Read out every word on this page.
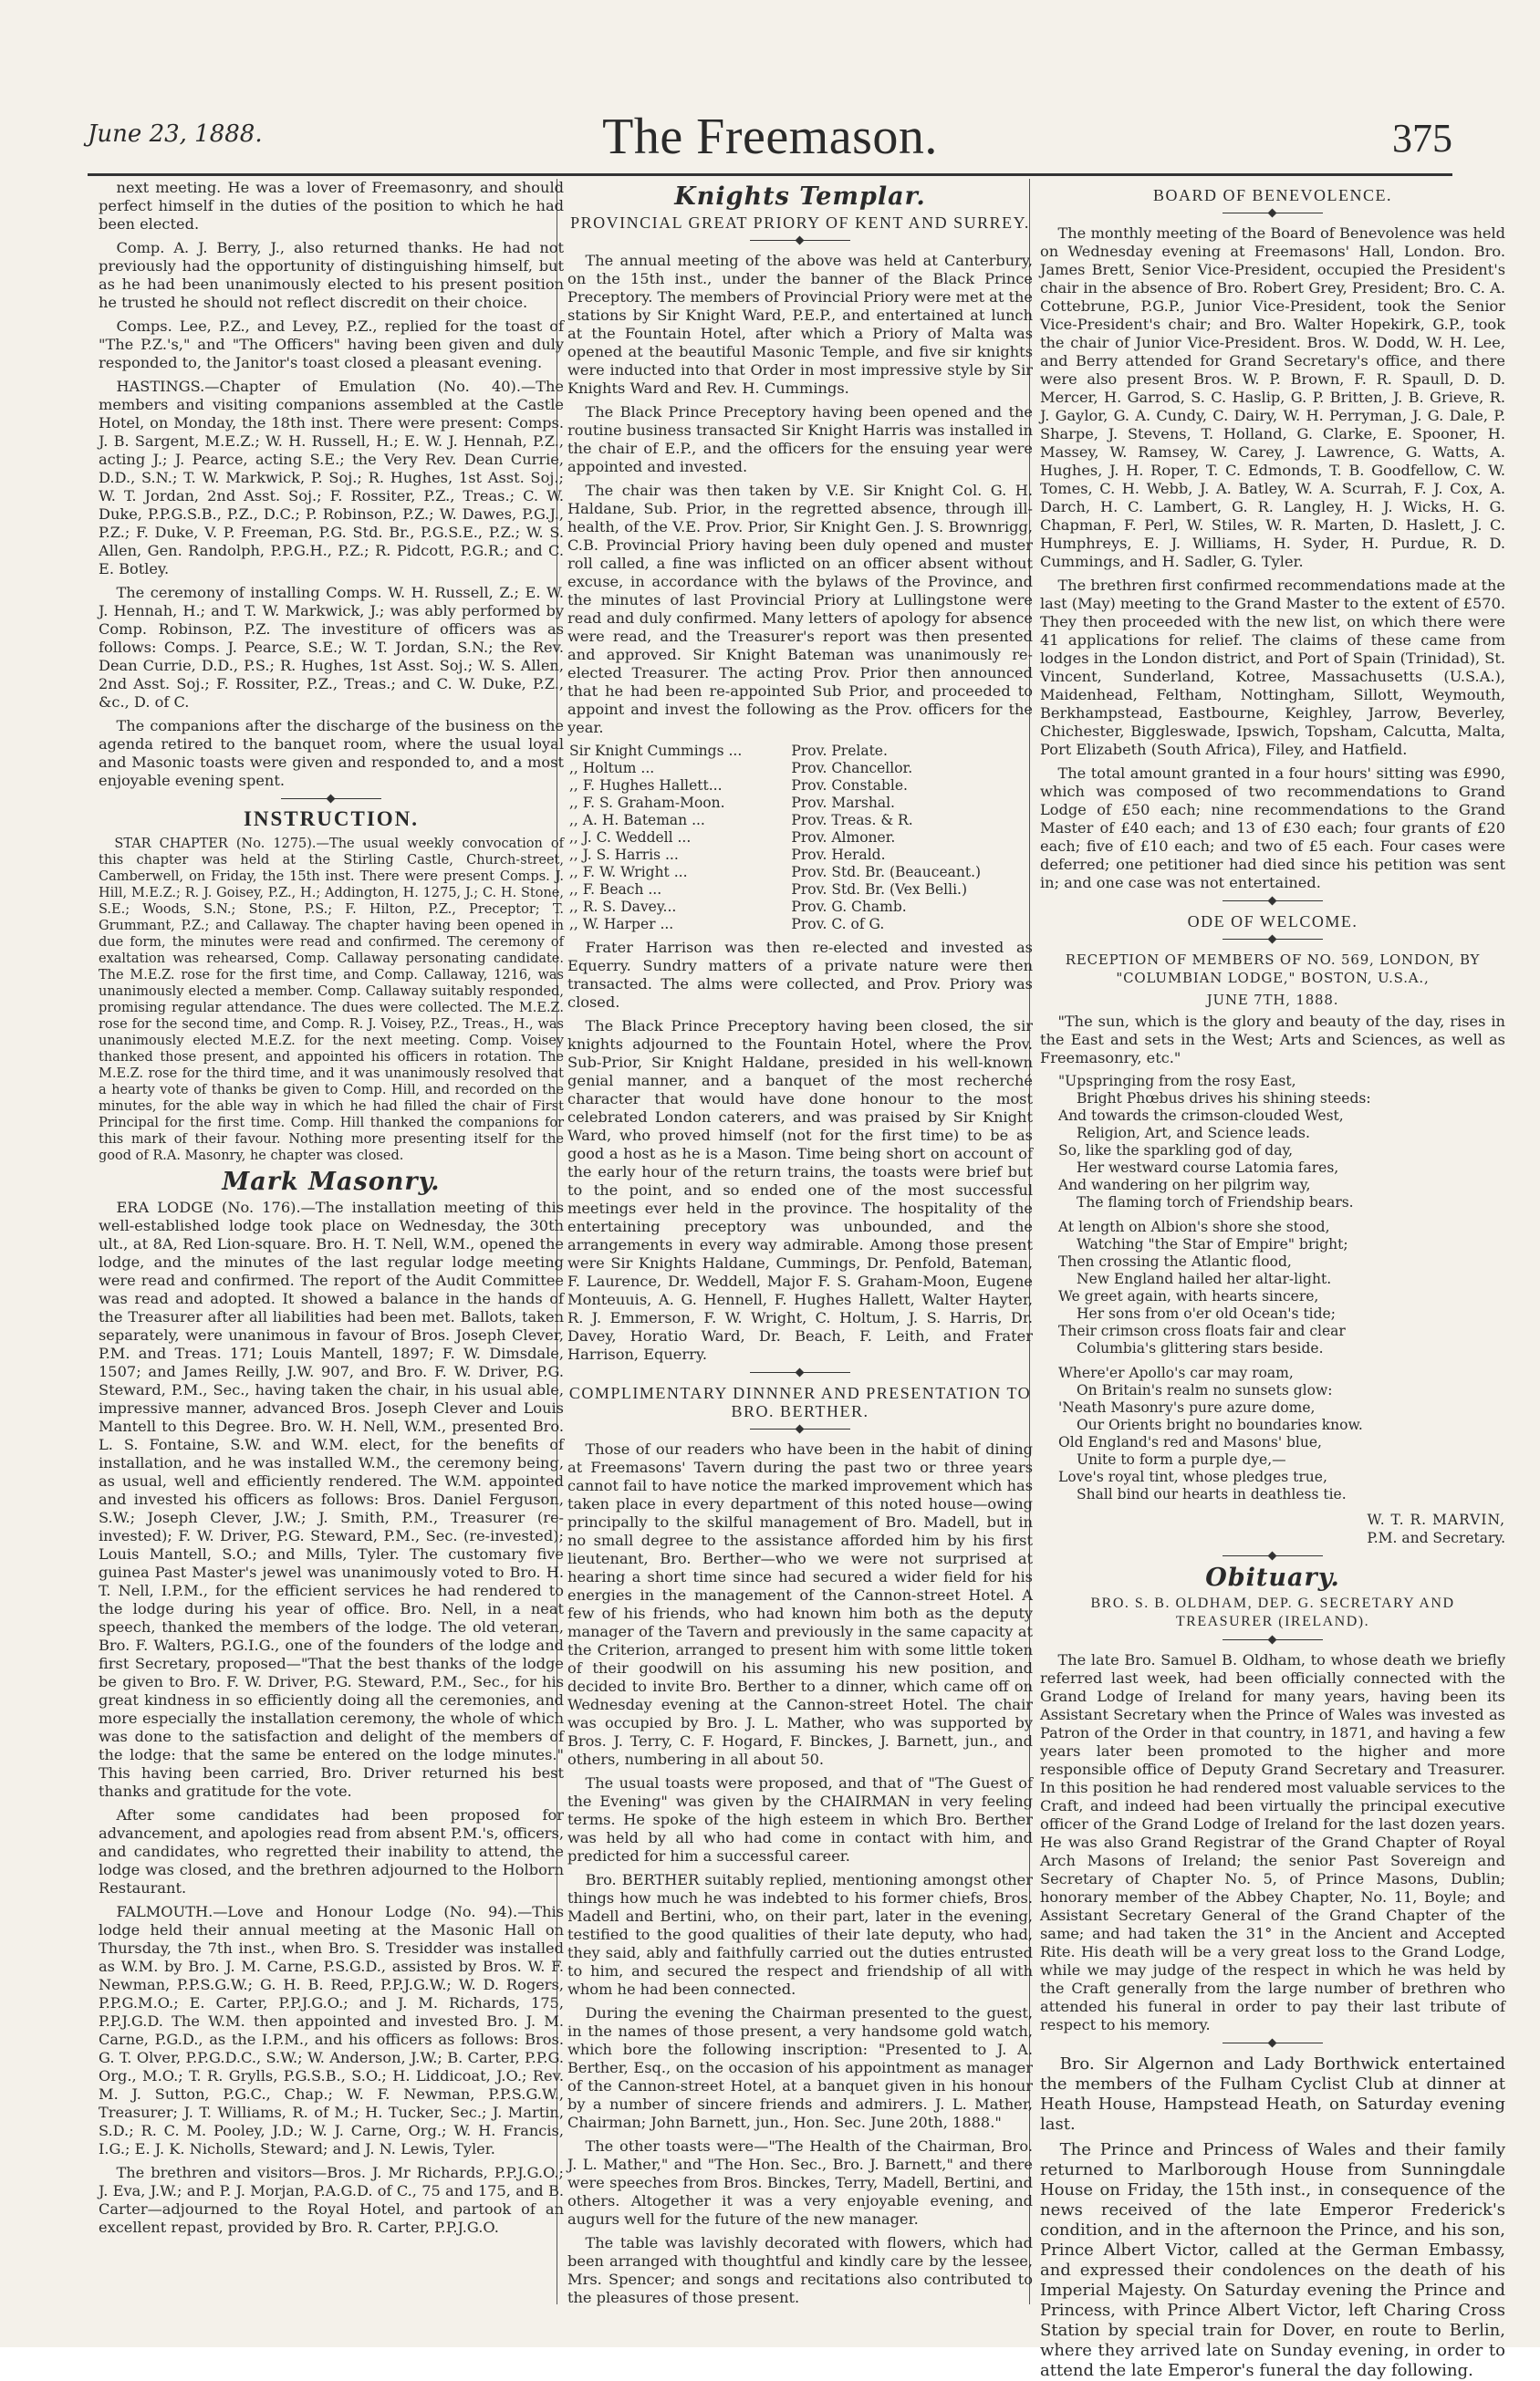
June 23, 1888.	The Freemason.	375

next meeting. He was a lover of Freemasonry, and should perfect himself in the duties of the position to which he had been elected.

Comp. A. J. Berry, J., also returned thanks. He had not previously had the opportunity of distinguishing himself, but as he had been unanimously elected to his present position he trusted he should not reflect discredit on their choice.

Comps. Lee, P.Z., and Levey, P.Z., replied for the toast of "The P.Z.'s," and "The Officers" having been given and duly responded to, the Janitor's toast closed a pleasant evening.

HASTINGS.—Chapter of Emulation (No. 40).—The members and visiting companions assembled at the Castle Hotel, on Monday, the 18th inst. There were present: Comps. J. B. Sargent, M.E.Z.; W. H. Russell, H.; E. W. J. Hennah, P.Z., acting J.; J. Pearce, acting S.E.; the Very Rev. Dean Currie, D.D., S.N.; T. W. Markwick, P. Soj.; R. Hughes, 1st Asst. Soj.; W. T. Jordan, 2nd Asst. Soj.; F. Rossiter, P.Z., Treas.; C. W. Duke, P.P.G.S.B., P.Z., D.C.; P. Robinson, P.Z.; W. Dawes, P.G.J., P.Z.; F. Duke, V. P. Freeman, P.G. Std. Br., P.G.S.E., P.Z.; W. S. Allen, Gen. Randolph, P.P.G.H., P.Z.; R. Pidcott, P.G.R.; and C. E. Botley.

The ceremony of installing Comps. W. H. Russell, Z.; E. W. J. Hennah, H.; and T. W. Markwick, J.; was ably performed by Comp. Robinson, P.Z. The investiture of officers was as follows: Comps. J. Pearce, S.E.; W. T. Jordan, S.N.; the Rev. Dean Currie, D.D., P.S.; R. Hughes, 1st Asst. Soj.; W. S. Allen, 2nd Asst. Soj.; F. Rossiter, P.Z., Treas.; and C. W. Duke, P.Z., &c., D. of C.

The companions after the discharge of the business on the agenda retired to the banquet room, where the usual loyal and Masonic toasts were given and responded to, and a most enjoyable evening spent.

INSTRUCTION.

STAR CHAPTER (No. 1275).—The usual weekly convocation of this chapter was held at the Stirling Castle, Church-street, Camberwell, on Friday, the 15th inst. There were present Comps. J. Hill, M.E.Z.; R. J. Goisey, P.Z., H.; Addington, H. 1275, J.; C. H. Stone, S.E.; Woods, S.N.; Stone, P.S.; F. Hilton, P.Z., Preceptor; T. Grummant, P.Z.; and Callaway. The chapter having been opened in due form, the minutes were read and confirmed. The ceremony of exaltation was rehearsed, Comp. Callaway personating candidate. The M.E.Z. rose for the first time, and Comp. Callaway, 1216, was unanimously elected a member. Comp. Callaway suitably responded, promising regular attendance. The dues were collected. The M.E.Z. rose for the second time, and Comp. R. J. Voisey, P.Z., Treas., H., was unanimously elected M.E.Z. for the next meeting. Comp. Voisey thanked those present, and appointed his officers in rotation. The M.E.Z. rose for the third time, and it was unanimously resolved that a hearty vote of thanks be given to Comp. Hill, and recorded on the minutes, for the able way in which he had filled the chair of First Principal for the first time. Comp. Hill thanked the companions for this mark of their favour. Nothing more presenting itself for the good of R.A. Masonry, he chapter was closed.

Mark Masonry.

ERA LODGE (No. 176).—The installation meeting of this well-established lodge took place on Wednesday, the 30th ult., at 8A, Red Lion-square. Bro. H. T. Nell, W.M., opened the lodge, and the minutes of the last regular lodge meeting were read and confirmed. The report of the Audit Committee was read and adopted. It showed a balance in the hands of the Treasurer after all liabilities had been met. Ballots, taken separately, were unanimous in favour of Bros. Joseph Clever, P.M. and Treas. 171; Louis Mantell, 1897; F. W. Dimsdale, 1507; and James Reilly, J.W. 907, and Bro. F. W. Driver, P.G. Steward, P.M., Sec., having taken the chair, in his usual able, impressive manner, advanced Bros. Joseph Clever and Louis Mantell to this Degree. Bro. W. H. Nell, W.M., presented Bro. L. S. Fontaine, S.W. and W.M. elect, for the benefits of installation, and he was installed W.M., the ceremony being, as usual, well and efficiently rendered. The W.M. appointed and invested his officers as follows: Bros. Daniel Ferguson, S.W.; Joseph Clever, J.W.; J. Smith, P.M., Treasurer (re-invested); F. W. Driver, P.G. Steward, P.M., Sec. (re-invested); Louis Mantell, S.O.; and Mills, Tyler. The customary five guinea Past Master's jewel was unanimously voted to Bro. H. T. Nell, I.P.M., for the efficient services he had rendered to the lodge during his year of office. Bro. Nell, in a neat speech, thanked the members of the lodge. The old veteran, Bro. F. Walters, P.G.I.G., one of the founders of the lodge and first Secretary, proposed—"That the best thanks of the lodge be given to Bro. F. W. Driver, P.G. Steward, P.M., Sec., for his great kindness in so efficiently doing all the ceremonies, and more especially the installation ceremony, the whole of which was done to the satisfaction and delight of the members of the lodge: that the same be entered on the lodge minutes." This having been carried, Bro. Driver returned his best thanks and gratitude for the vote.

After some candidates had been proposed for advancement, and apologies read from absent P.M.'s, officers, and candidates, who regretted their inability to attend, the lodge was closed, and the brethren adjourned to the Holborn Restaurant.

FALMOUTH.—Love and Honour Lodge (No. 94).—This lodge held their annual meeting at the Masonic Hall on Thursday, the 7th inst., when Bro. S. Tresidder was installed as W.M. by Bro. J. M. Carne, P.S.G.D., assisted by Bros. W. F. Newman, P.P.S.G.W.; G. H. B. Reed, P.P.J.G.W.; W. D. Rogers, P.P.G.M.O.; E. Carter, P.P.J.G.O.; and J. M. Richards, 175, P.P.J.G.D. The W.M. then appointed and invested Bro. J. M. Carne, P.G.D., as the I.P.M., and his officers as follows: Bros. G. T. Olver, P.P.G.D.C., S.W.; W. Anderson, J.W.; B. Carter, P.P.G. Org., M.O.; T. R. Grylls, P.G.S.B., S.O.; H. Liddicoat, J.O.; Rev. M. J. Sutton, P.G.C., Chap.; W. F. Newman, P.P.S.G.W., Treasurer; J. T. Williams, R. of M.; H. Tucker, Sec.; J. Martin, S.D.; R. C. M. Pooley, J.D.; W. J. Carne, Org.; W. H. Francis, I.G.; E. J. K. Nicholls, Steward; and J. N. Lewis, Tyler.

The brethren and visitors—Bros. J. Mr Richards, P.P.J.G.O.; J. Eva, J.W.; and P. J. Morjan, P.A.G.D. of C., 75 and 175, and B. Carter—adjourned to the Royal Hotel, and partook of an excellent repast, provided by Bro. R. Carter, P.P.J.G.O.

Knights Templar.
PROVINCIAL GREAT PRIORY OF KENT AND SURREY.

The annual meeting of the above was held at Canterbury, on the 15th inst., under the banner of the Black Prince Preceptory. The members of Provincial Priory were met at the stations by Sir Knight Ward, P.E.P., and entertained at lunch at the Fountain Hotel, after which a Priory of Malta was opened at the beautiful Masonic Temple, and five sir knights were inducted into that Order in most impressive style by Sir Knights Ward and Rev. H. Cummings.

The Black Prince Preceptory having been opened and the routine business transacted Sir Knight Harris was installed in the chair of E.P., and the officers for the ensuing year were appointed and invested.

The chair was then taken by V.E. Sir Knight Col. G. H. Haldane, Sub. Prior, in the regretted absence, through ill-health, of the V.E. Prov. Prior, Sir Knight Gen. J. S. Brownrigg, C.B. Provincial Priory having been duly opened and muster roll called, a fine was inflicted on an officer absent without excuse, in accordance with the bylaws of the Province, and the minutes of last Provincial Priory at Lullingstone were read and duly confirmed. Many letters of apology for absence were read, and the Treasurer's report was then presented and approved. Sir Knight Bateman was unanimously re-elected Treasurer. The acting Prov. Prior then announced that he had been re-appointed Sub Prior, and proceeded to appoint and invest the following as the Prov. officers for the year.

Sir Knight Cummings ...	Prov. Prelate.
,, Holtum ...	Prov. Chancellor.
,, F. Hughes Hallett...	Prov. Constable.
,, F. S. Graham-Moon.	Prov. Marshal.
,, A. H. Bateman ...	Prov. Treas. & R.
,, J. C. Weddell ...	Prov. Almoner.
,, J. S. Harris ...	Prov. Herald.
,, F. W. Wright ...	Prov. Std. Br. (Beauceant.)
,, F. Beach ...	Prov. Std. Br. (Vex Belli.)
,, R. S. Davey...	Prov. G. Chamb.
,, W. Harper ...	Prov. C. of G.

Frater Harrison was then re-elected and invested as Equerry. Sundry matters of a private nature were then transacted. The alms were collected, and Prov. Priory was closed.

The Black Prince Preceptory having been closed, the sir knights adjourned to the Fountain Hotel, where the Prov. Sub-Prior, Sir Knight Haldane, presided in his well-known genial manner, and a banquet of the most recherché character that would have done honour to the most celebrated London caterers, and was praised by Sir Knight Ward, who proved himself (not for the first time) to be as good a host as he is a Mason. Time being short on account of the early hour of the return trains, the toasts were brief but to the point, and so ended one of the most successful meetings ever held in the province. The hospitality of the entertaining preceptory was unbounded, and the arrangements in every way admirable. Among those present were Sir Knights Haldane, Cummings, Dr. Penfold, Bateman, F. Laurence, Dr. Weddell, Major F. S. Graham-Moon, Eugene Monteuuis, A. G. Hennell, F. Hughes Hallett, Walter Hayter, R. J. Emmerson, F. W. Wright, C. Holtum, J. S. Harris, Dr. Davey, Horatio Ward, Dr. Beach, F. Leith, and Frater Harrison, Equerry.

COMPLIMENTARY DINNNER AND PRESENTATION TO BRO. BERTHER.

Those of our readers who have been in the habit of dining at Freemasons' Tavern during the past two or three years cannot fail to have notice the marked improvement which has taken place in every department of this noted house—owing principally to the skilful management of Bro. Madell, but in no small degree to the assistance afforded him by his first lieutenant, Bro. Berther—who we were not surprised at hearing a short time since had secured a wider field for his energies in the management of the Cannon-street Hotel. A few of his friends, who had known him both as the deputy manager of the Tavern and previously in the same capacity at the Criterion, arranged to present him with some little token of their goodwill on his assuming his new position, and decided to invite Bro. Berther to a dinner, which came off on Wednesday evening at the Cannon-street Hotel. The chair was occupied by Bro. J. L. Mather, who was supported by Bros. J. Terry, C. F. Hogard, F. Binckes, J. Barnett, jun., and others, numbering in all about 50.

The usual toasts were proposed, and that of "The Guest of the Evening" was given by the CHAIRMAN in very feeling terms. He spoke of the high esteem in which Bro. Berther was held by all who had come in contact with him, and predicted for him a successful career.

Bro. BERTHER suitably replied, mentioning amongst other things how much he was indebted to his former chiefs, Bros. Madell and Bertini, who, on their part, later in the evening, testified to the good qualities of their late deputy, who had, they said, ably and faithfully carried out the duties entrusted to him, and secured the respect and friendship of all with whom he had been connected.

During the evening the Chairman presented to the guest, in the names of those present, a very handsome gold watch, which bore the following inscription: "Presented to J. A. Berther, Esq., on the occasion of his appointment as manager of the Cannon-street Hotel, at a banquet given in his honour by a number of sincere friends and admirers. J. L. Mather, Chairman; John Barnett, jun., Hon. Sec. June 20th, 1888."

The other toasts were—"The Health of the Chairman, Bro. J. L. Mather," and "The Hon. Sec., Bro. J. Barnett," and there were speeches from Bros. Binckes, Terry, Madell, Bertini, and others. Altogether it was a very enjoyable evening, and augurs well for the future of the new manager.

The table was lavishly decorated with flowers, which had been arranged with thoughtful and kindly care by the lessee, Mrs. Spencer; and songs and recitations also contributed to the pleasures of those present.

BOARD OF BENEVOLENCE.

The monthly meeting of the Board of Benevolence was held on Wednesday evening at Freemasons' Hall, London. Bro. James Brett, Senior Vice-President, occupied the President's chair in the absence of Bro. Robert Grey, President; Bro. C. A. Cottebrune, P.G.P., Junior Vice-President, took the Senior Vice-President's chair; and Bro. Walter Hopekirk, G.P., took the chair of Junior Vice-President. Bros. W. Dodd, W. H. Lee, and Berry attended for Grand Secretary's office, and there were also present Bros. W. P. Brown, F. R. Spaull, D. D. Mercer, H. Garrod, S. C. Haslip, G. P. Britten, J. B. Grieve, R. J. Gaylor, G. A. Cundy, C. Dairy, W. H. Perryman, J. G. Dale, P. Sharpe, J. Stevens, T. Holland, G. Clarke, E. Spooner, H. Massey, W. Ramsey, W. Carey, J. Lawrence, G. Watts, A. Hughes, J. H. Roper, T. C. Edmonds, T. B. Goodfellow, C. W. Tomes, C. H. Webb, J. A. Batley, W. A. Scurrah, F. J. Cox, A. Darch, H. C. Lambert, G. R. Langley, H. J. Wicks, H. G. Chapman, F. Perl, W. Stiles, W. R. Marten, D. Haslett, J. C. Humphreys, E. J. Williams, H. Syder, H. Purdue, R. D. Cummings, and H. Sadler, G. Tyler.

The brethren first confirmed recommendations made at the last (May) meeting to the Grand Master to the extent of £570. They then proceeded with the new list, on which there were 41 applications for relief. The claims of these came from lodges in the London district, and Port of Spain (Trinidad), St. Vincent, Sunderland, Kotree, Massachusetts (U.S.A.), Maidenhead, Feltham, Nottingham, Sillott, Weymouth, Berkhampstead, Eastbourne, Keighley, Jarrow, Beverley, Chichester, Biggleswade, Ipswich, Topsham, Calcutta, Malta, Port Elizabeth (South Africa), Filey, and Hatfield.

The total amount granted in a four hours' sitting was £990, which was composed of two recommendations to Grand Lodge of £50 each; nine recommendations to the Grand Master of £40 each; and 13 of £30 each; four grants of £20 each; five of £10 each; and two of £5 each. Four cases were deferred; one petitioner had died since his petition was sent in; and one case was not entertained.

ODE OF WELCOME.
RECEPTION OF MEMBERS OF NO. 569, LONDON, BY "COLUMBIAN LODGE," BOSTON, U.S.A.,
JUNE 7TH, 1888.

"The sun, which is the glory and beauty of the day, rises in the East and sets in the West; Arts and Sciences, as well as Freemasonry, etc."

"Upspringing from the rosy East,
Bright Phœbus drives his shining steeds:
And towards the crimson-clouded West,
Religion, Art, and Science leads.
So, like the sparkling god of day,
Her westward course Latomia fares,
And wandering on her pilgrim way,
The flaming torch of Friendship bears.
At length on Albion's shore she stood,
Watching "the Star of Empire" bright;
Then crossing the Atlantic flood,
New England hailed her altar-light.
We greet again, with hearts sincere,
Her sons from o'er old Ocean's tide;
Their crimson cross floats fair and clear
Columbia's glittering stars beside.
Where'er Apollo's car may roam,
On Britain's realm no sunsets glow:
'Neath Masonry's pure azure dome,
Our Orients bright no boundaries know.
Old England's red and Masons' blue,
Unite to form a purple dye,—
Love's royal tint, whose pledges true,
Shall bind our hearts in deathless tie.
W. T. R. MARVIN,
P.M. and Secretary.
Obituary.
BRO. S. B. OLDHAM, DEP. G. SECRETARY AND TREASURER (IRELAND).

The late Bro. Samuel B. Oldham, to whose death we briefly referred last week, had been officially connected with the Grand Lodge of Ireland for many years, having been its Assistant Secretary when the Prince of Wales was invested as Patron of the Order in that country, in 1871, and having a few years later been promoted to the higher and more responsible office of Deputy Grand Secretary and Treasurer. In this position he had rendered most valuable services to the Craft, and indeed had been virtually the principal executive officer of the Grand Lodge of Ireland for the last dozen years. He was also Grand Registrar of the Grand Chapter of Royal Arch Masons of Ireland; the senior Past Sovereign and Secretary of Chapter No. 5, of Prince Masons, Dublin; honorary member of the Abbey Chapter, No. 11, Boyle; and Assistant Secretary General of the Grand Chapter of the same; and had taken the 31° in the Ancient and Accepted Rite. His death will be a very great loss to the Grand Lodge, while we may judge of the respect in which he was held by the Craft generally from the large number of brethren who attended his funeral in order to pay their last tribute of respect to his memory.

Bro. Sir Algernon and Lady Borthwick entertained the members of the Fulham Cyclist Club at dinner at Heath House, Hampstead Heath, on Saturday evening last.

The Prince and Princess of Wales and their family returned to Marlborough House from Sunningdale House on Friday, the 15th inst., in consequence of the news received of the late Emperor Frederick's condition, and in the afternoon the Prince, and his son, Prince Albert Victor, called at the German Embassy, and expressed their condolences on the death of his Imperial Majesty. On Saturday evening the Prince and Princess, with Prince Albert Victor, left Charing Cross Station by special train for Dover, en route to Berlin, where they arrived late on Sunday evening, in order to attend the late Emperor's funeral the day following.
